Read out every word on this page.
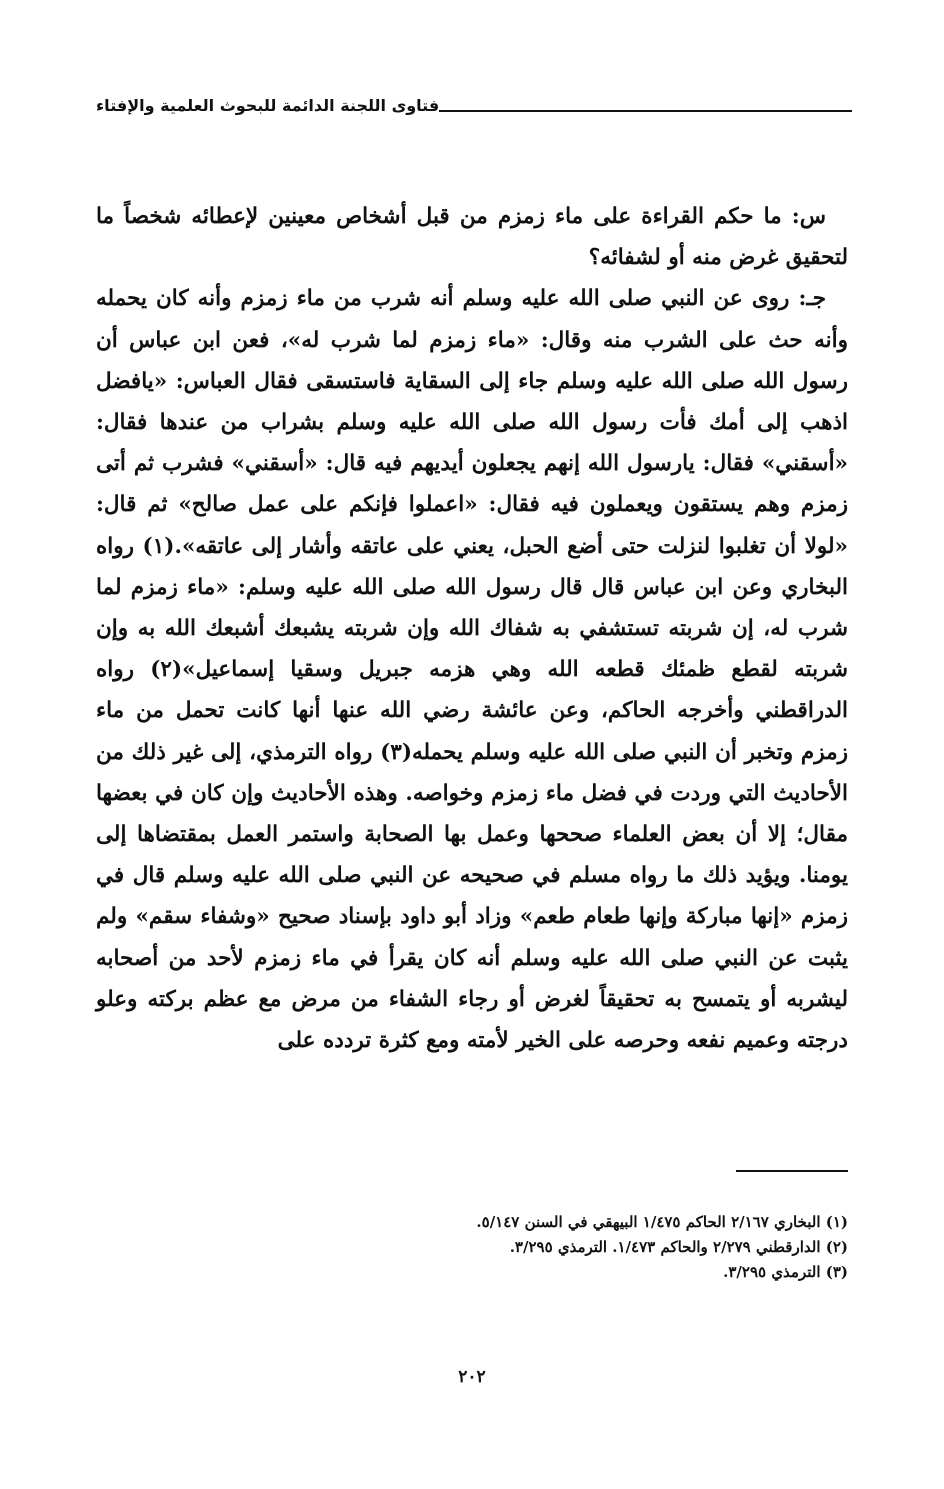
فتاوى اللجنة الدائمة للبحوث العلمية والإفتاء

س: ما حكم القراءة على ماء زمزم من قبل أشخاص معينين لإعطائه شخصاً ما لتحقيق غرض منه أو لشفائه؟

جـ: روى عن النبي صلى الله عليه وسلم أنه شرب من ماء زمزم وأنه كان يحمله وأنه حث على الشرب منه وقال: «ماء زمزم لما شرب له»، فعن ابن عباس أن رسول الله صلى الله عليه وسلم جاء إلى السقاية فاستسقى فقال العباس: «يافضل اذهب إلى أمك فأت رسول الله صلى الله عليه وسلم بشراب من عندها فقال: «أسقني» فقال: يارسول الله إنهم يجعلون أيديهم فيه قال: «أسقني» فشرب ثم أتى زمزم وهم يستقون ويعملون فيه فقال: «اعملوا فإنكم على عمل صالح» ثم قال: «لولا أن تغلبوا لنزلت حتى أضع الحبل، يعني على عاتقه وأشار إلى عاتقه».(١) رواه البخاري وعن ابن عباس قال قال رسول الله صلى الله عليه وسلم: «ماء زمزم لما شرب له، إن شربته تستشفي به شفاك الله وإن شربته يشبعك أشبعك الله به وإن شربته لقطع ظمئك قطعه الله وهي هزمه جبريل وسقيا إسماعيل»(٢) رواه الدراقطني وأخرجه الحاكم، وعن عائشة رضي الله عنها أنها كانت تحمل من ماء زمزم وتخبر أن النبي صلى الله عليه وسلم يحمله(٣) رواه الترمذي، إلى غير ذلك من الأحاديث التي وردت في فضل ماء زمزم وخواصه. وهذه الأحاديث وإن كان في بعضها مقال؛ إلا أن بعض العلماء صححها وعمل بها الصحابة واستمر العمل بمقتضاها إلى يومنا. ويؤيد ذلك ما رواه مسلم في صحيحه عن النبي صلى الله عليه وسلم قال في زمزم «إنها مباركة وإنها طعام طعم» وزاد أبو داود بإسناد صحيح «وشفاء سقم» ولم يثبت عن النبي صلى الله عليه وسلم أنه كان يقرأ في ماء زمزم لأحد من أصحابه ليشربه أو يتمسح به تحقيقاً لغرض أو رجاء الشفاء من مرض مع عظم بركته وعلو درجته وعميم نفعه وحرصه على الخير لأمته ومع كثرة تردده على

(١) البخاري ٢/١٦٧ الحاكم ١/٤٧٥ البيهقي في السنن ٥/١٤٧.
(٢) الدارقطني ٢/٢٧٩ والحاكم ١/٤٧٣. الترمذي ٣/٢٩٥.
(٣) الترمذي ٣/٢٩٥.
٢٠٢
